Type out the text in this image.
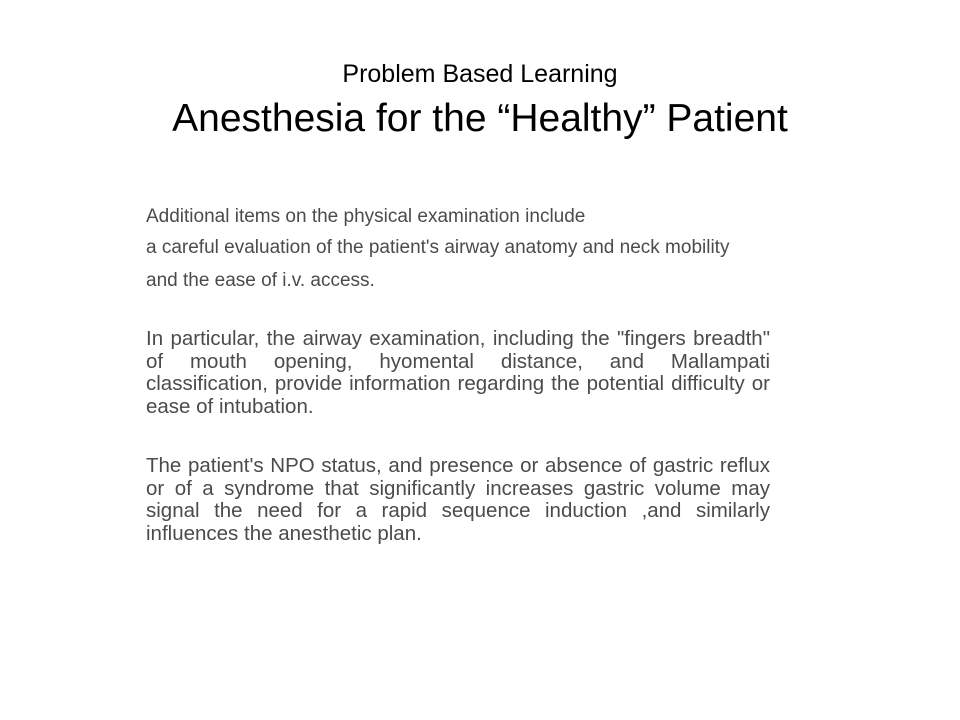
Problem Based Learning
Anesthesia for the “Healthy” Patient

Additional items on the physical examination include

a careful evaluation of the patient's airway anatomy and neck mobility

and the ease of i.v. access.

In particular, the airway examination, including the "fingers breadth" of mouth opening, hyomental distance, and Mallampati classification, provide information regarding the potential difficulty or ease of intubation.

The patient's NPO status, and presence or absence of gastric reflux or of a syndrome that significantly increases gastric volume may signal the need for a rapid sequence induction ,and similarly influences the anesthetic plan.
